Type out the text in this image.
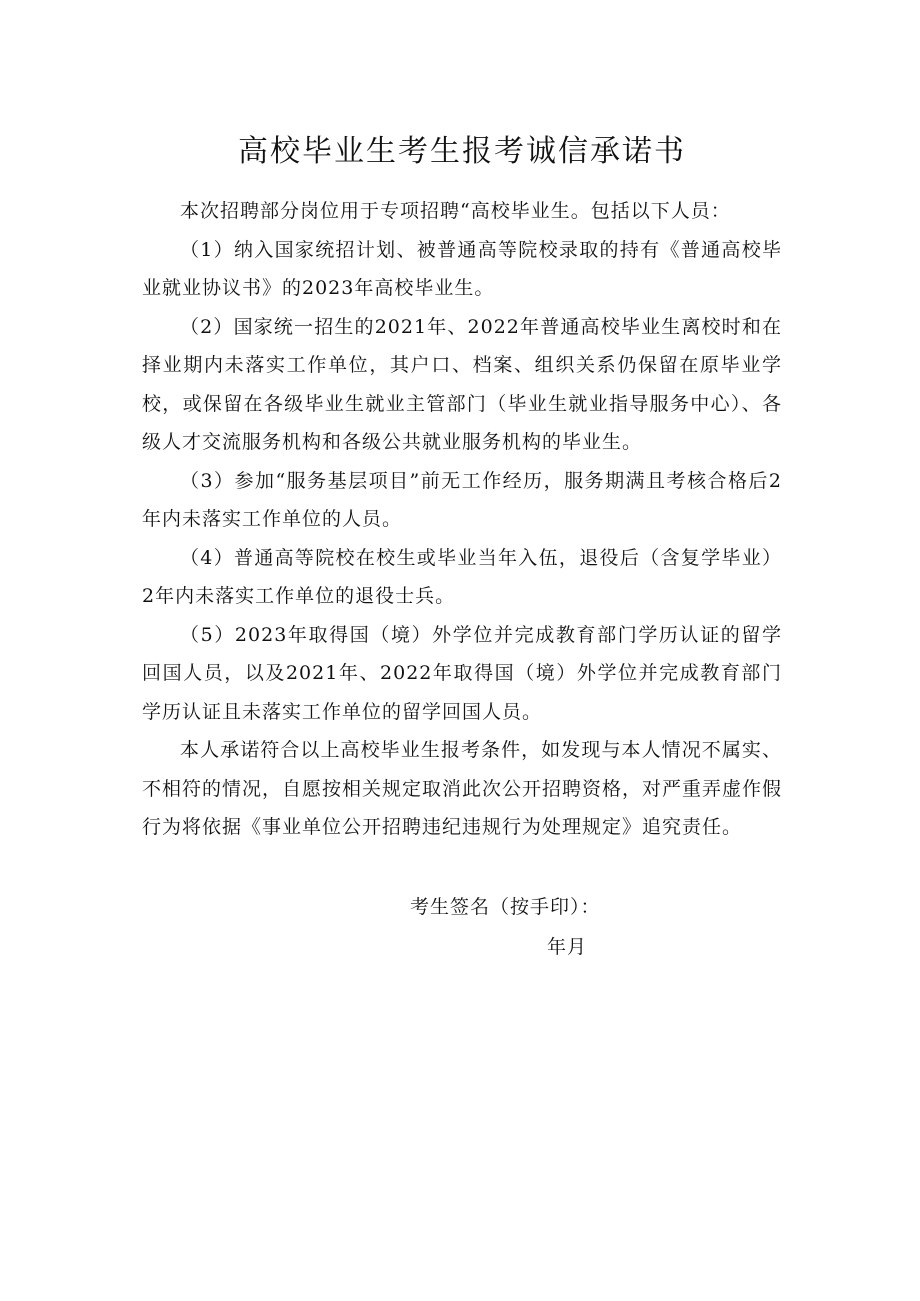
高校毕业生考生报考诚信承诺书

本次招聘部分岗位用于专项招聘“高校毕业生。包括以下人员：

（1）纳入国家统招计划、被普通高等院校录取的持有《普通高校毕业就业协议书》的2023年高校毕业生。

（2）国家统一招生的2021年、2022年普通高校毕业生离校时和在择业期内未落实工作单位，其户口、档案、组织关系仍保留在原毕业学校，或保留在各级毕业生就业主管部门（毕业生就业指导服务中心）、各级人才交流服务机构和各级公共就业服务机构的毕业生。

（3）参加“服务基层项目”前无工作经历，服务期满且考核合格后2年内未落实工作单位的人员。

（4）普通高等院校在校生或毕业当年入伍，退役后（含复学毕业）2年内未落实工作单位的退役士兵。

（5）2023年取得国（境）外学位并完成教育部门学历认证的留学回国人员，以及2021年、2022年取得国（境）外学位并完成教育部门学历认证且未落实工作单位的留学回国人员。

本人承诺符合以上高校毕业生报考条件，如发现与本人情况不属实、不相符的情况，自愿按相关规定取消此次公开招聘资格，对严重弄虚作假行为将依据《事业单位公开招聘违纪违规行为处理规定》追究责任。

考生签名（按手印）：
年月
